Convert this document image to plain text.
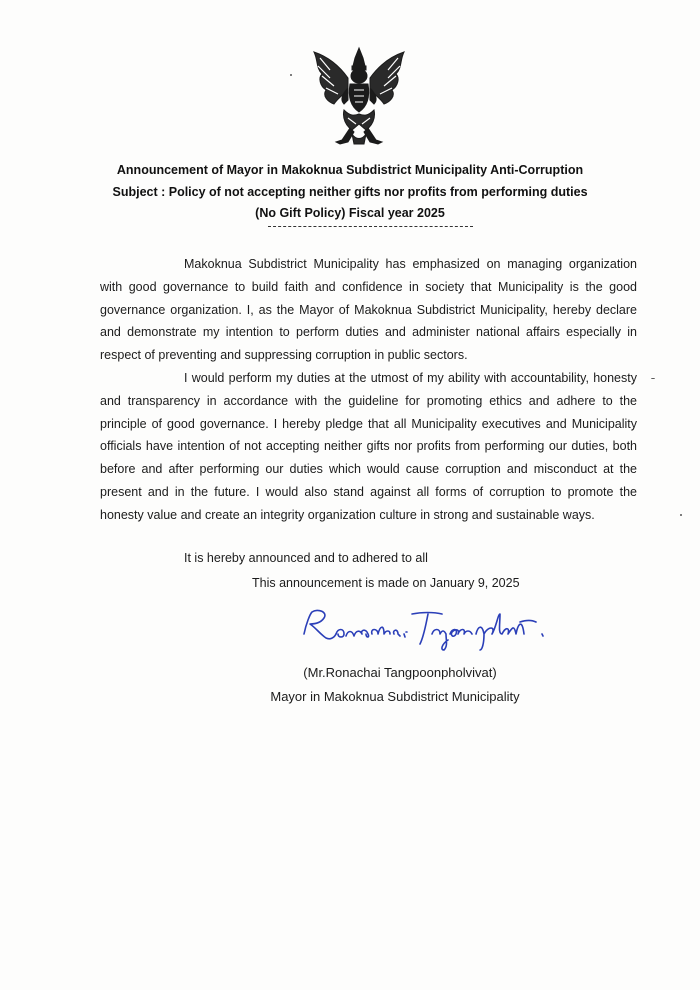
Announcement of Mayor in Makoknua Subdistrict Municipality Anti-Corruption
Subject : Policy of not accepting neither gifts nor profits from performing duties
(No Gift Policy) Fiscal year 2025

Makoknua Subdistrict Municipality has emphasized on managing organization with good governance to build faith and confidence in society that Municipality is the good governance organization. I, as the Mayor of Makoknua Subdistrict Municipality, hereby declare and demonstrate my intention to perform duties and administer national affairs especially in respect of preventing and suppressing corruption in public sectors.

I would perform my duties at the utmost of my ability with accountability, honesty and transparency in accordance with the guideline for promoting ethics and adhere to the principle of good governance. I hereby pledge that all Municipality executives and Municipality officials have intention of not accepting neither gifts nor profits from performing our duties, both before and after performing our duties which would cause corruption and misconduct at the present and in the future. I would also stand against all forms of corruption to promote the honesty value and create an integrity organization culture in strong and sustainable ways.

It is hereby announced and to adhered to all
This announcement is made on January 9, 2025
(Mr.Ronachai Tangpoonpholvivat)
Mayor in Makoknua Subdistrict Municipality
